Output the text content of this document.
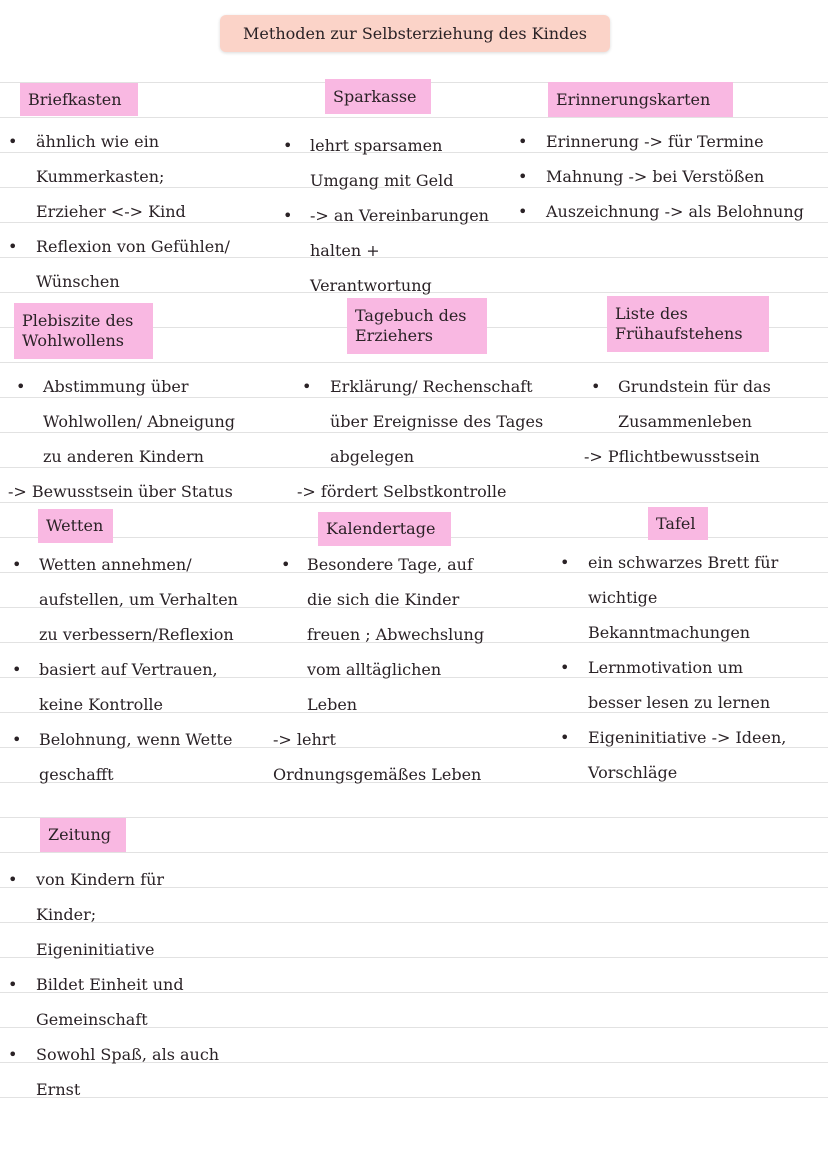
Methoden zur Selbsterziehung des Kindes
Briefkasten
• ähnlich wie ein
Kummerkasten;
Erzieher <-> Kind
• Reflexion von Gefühlen/
Wünschen
Sparkasse
• lehrt sparsamen
Umgang mit Geld
• -> an Vereinbarungen
halten +
Verantwortung
Erinnerungskarten
• Erinnerung -> für Termine
• Mahnung -> bei Verstößen
• Auszeichnung -> als Belohnung
Plebiszite des
Wohlwollens
• Abstimmung über
Wohlwollen/ Abneigung
zu anderen Kindern
-> Bewusstsein über Status
Tagebuch des
Erziehers
• Erklärung/ Rechenschaft
über Ereignisse des Tages
abgelegen
-> fördert Selbstkontrolle
Liste des
Frühaufstehens
• Grundstein für das
Zusammenleben
-> Pflichtbewusstsein
Wetten
• Wetten annehmen/
aufstellen, um Verhalten
zu verbessern/Reflexion
• basiert auf Vertrauen,
keine Kontrolle
• Belohnung, wenn Wette
geschafft
Kalendertage
• Besondere Tage, auf
die sich die Kinder
freuen ; Abwechslung
vom alltäglichen
Leben
-> lehrt
Ordnungsgemäßes Leben
Tafel
• ein schwarzes Brett für
wichtige
Bekanntmachungen
• Lernmotivation um
besser lesen zu lernen
• Eigeninitiative -> Ideen,
Vorschläge
Zeitung
• von Kindern für
Kinder;
Eigeninitiative
• Bildet Einheit und
Gemeinschaft
• Sowohl Spaß, als auch
Ernst
